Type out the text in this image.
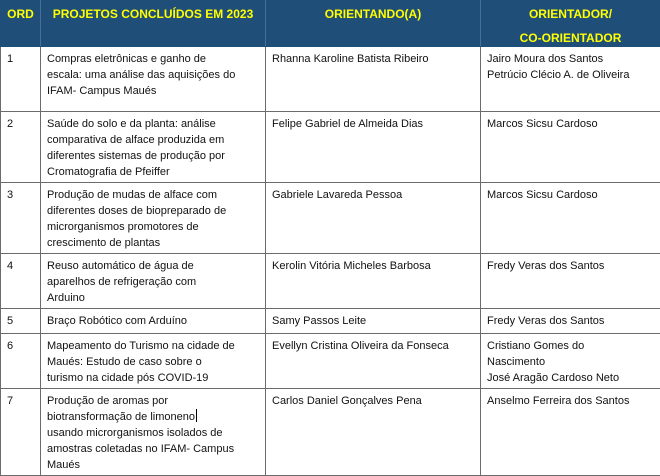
ORD	PROJETOS CONCLUÍDOS EM 2023	ORIENTANDO(A)	ORIENTADOR/
CO-ORIENTADOR

1	Compras eletrônicas e ganho de
escala: uma análise das aquisições do
IFAM- Campus Maués	Rhanna Karoline Batista Ribeiro	Jairo Moura dos Santos
Petrúcio Clécio A. de Oliveira

2	Saúde do solo e da planta: análise
comparativa de alface produzida em
diferentes sistemas de produção por
Cromatografia de Pfeiffer	Felipe Gabriel de Almeida Dias	Marcos Sicsu Cardoso

3	Produção de mudas de alface com
diferentes doses de biopreparado de
microrganismos promotores de
crescimento de plantas	Gabriele Lavareda Pessoa	Marcos Sicsu Cardoso

4	Reuso automático de água de
aparelhos de refrigeração com
Arduino	Kerolin Vitória Micheles Barbosa	Fredy Veras dos Santos

5	Braço Robótico com Arduíno	Samy Passos Leite	Fredy Veras dos Santos

6	Mapeamento do Turismo na cidade de
Maués: Estudo de caso sobre o
turismo na cidade pós COVID-19	Evellyn Cristina Oliveira da Fonseca	Cristiano Gomes do
Nascimento
José Aragão Cardoso Neto

7	Produção de aromas por
biotransformação de limoneno
usando microrganismos isolados de
amostras coletadas no IFAM- Campus
Maués	Carlos Daniel Gonçalves Pena	Anselmo Ferreira dos Santos
